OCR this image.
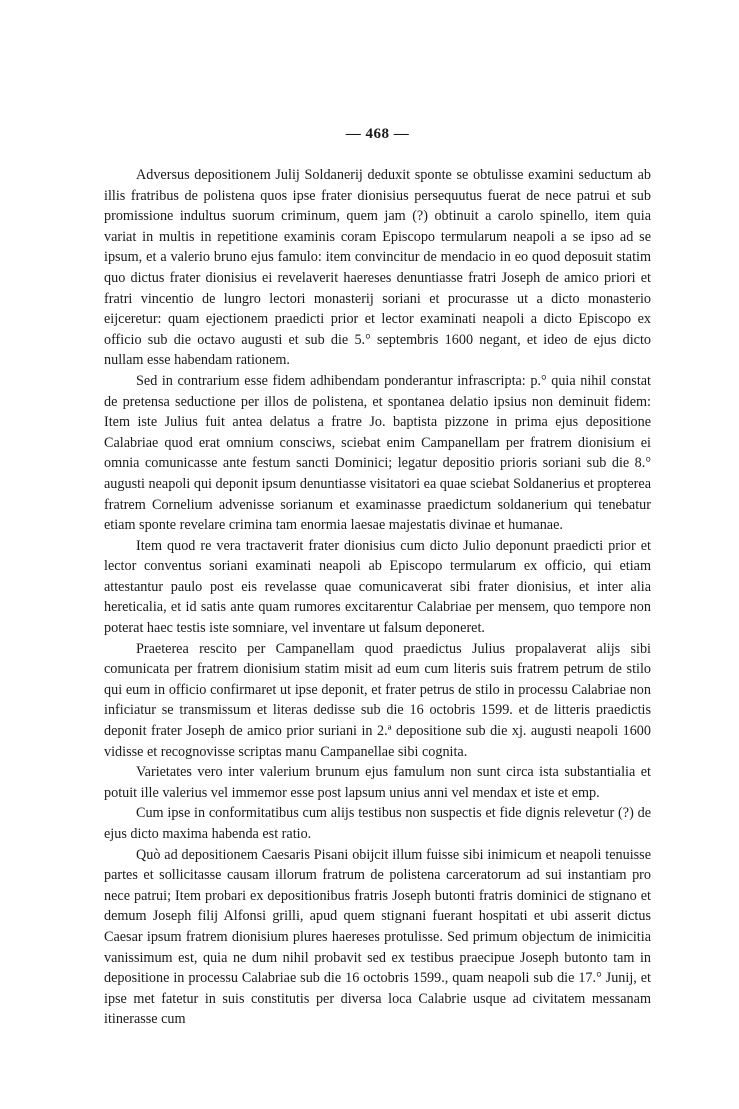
— 468 —

Adversus depositionem Julij Soldanerij deduxit sponte se obtulisse examini seductum ab illis fratribus de polistena quos ipse frater dionisius persequutus fuerat de nece patrui et sub promissione indultus suorum criminum, quem jam (?) obtinuit a carolo spinello, item quia variat in multis in repetitione examinis coram Episcopo termularum neapoli a se ipso ad se ipsum, et a valerio bruno ejus famulo: item convincitur de mendacio in eo quod deposuit statim quo dictus frater dionisius ei revelaverit haereses denuntiasse fratri Joseph de amico priori et fratri vincentio de lungro lectori monasterij soriani et procurasse ut a dicto monasterio eijceretur: quam ejectionem praedicti prior et lector examinati neapoli a dicto Episcopo ex officio sub die octavo augusti et sub die 5.° septembris 1600 negant, et ideo de ejus dicto nullam esse habendam rationem.

Sed in contrarium esse fidem adhibendam ponderantur infrascripta: p.° quia nihil constat de pretensa seductione per illos de polistena, et spontanea delatio ipsius non deminuit fidem: Item iste Julius fuit antea delatus a fratre Jo. baptista pizzone in prima ejus depositione Calabriae quod erat omnium consciws, sciebat enim Campanellam per fratrem dionisium ei omnia comunicasse ante festum sancti Dominici; legatur depositio prioris soriani sub die 8.° augusti neapoli qui deponit ipsum denuntiasse visitatori ea quae sciebat Soldanerius et propterea fratrem Cornelium advenisse sorianum et examinasse praedictum soldanerium qui tenebatur etiam sponte revelare crimina tam enormia laesae majestatis divinae et humanae.

Item quod re vera tractaverit frater dionisius cum dicto Julio deponunt praedicti prior et lector conventus soriani examinati neapoli ab Episcopo termularum ex officio, qui etiam attestantur paulo post eis revelasse quae comunicaverat sibi frater dionisius, et inter alia hereticalia, et id satis ante quam rumores excitarentur Calabriae per mensem, quo tempore non poterat haec testis iste somniare, vel inventare ut falsum deponeret.

Praeterea rescito per Campanellam quod praedictus Julius propalaverat alijs sibi comunicata per fratrem dionisium statim misit ad eum cum literis suis fratrem petrum de stilo qui eum in officio confirmaret ut ipse deponit, et frater petrus de stilo in processu Calabriae non inficiatur se transmissum et literas dedisse sub die 16 octobris 1599. et de litteris praedictis deponit frater Joseph de amico prior suriani in 2.ª depositione sub die xj. augusti neapoli 1600 vidisse et recognovisse scriptas manu Campanellae sibi cognita.

Varietates vero inter valerium brunum ejus famulum non sunt circa ista substantialia et potuit ille valerius vel immemor esse post lapsum unius anni vel mendax et iste et emp.

Cum ipse in conformitatibus cum alijs testibus non suspectis et fide dignis relevetur (?) de ejus dicto maxima habenda est ratio.

Quò ad depositionem Caesaris Pisani obijcit illum fuisse sibi inimicum et neapoli tenuisse partes et sollicitasse causam illorum fratrum de polistena carceratorum ad sui instantiam pro nece patrui; Item probari ex depositionibus fratris Joseph butonti fratris dominici de stignano et demum Joseph filij Alfonsi grilli, apud quem stignani fuerant hospitati et ubi asserit dictus Caesar ipsum fratrem dionisium plures haereses protulisse. Sed primum objectum de inimicitia vanissimum est, quia ne dum nihil probavit sed ex testibus praecipue Joseph butonto tam in depositione in processu Calabriae sub die 16 octobris 1599., quam neapoli sub die 17.° Junij, et ipse met fatetur in suis constitutis per diversa loca Calabrie usque ad civitatem messanam itinerasse cum
